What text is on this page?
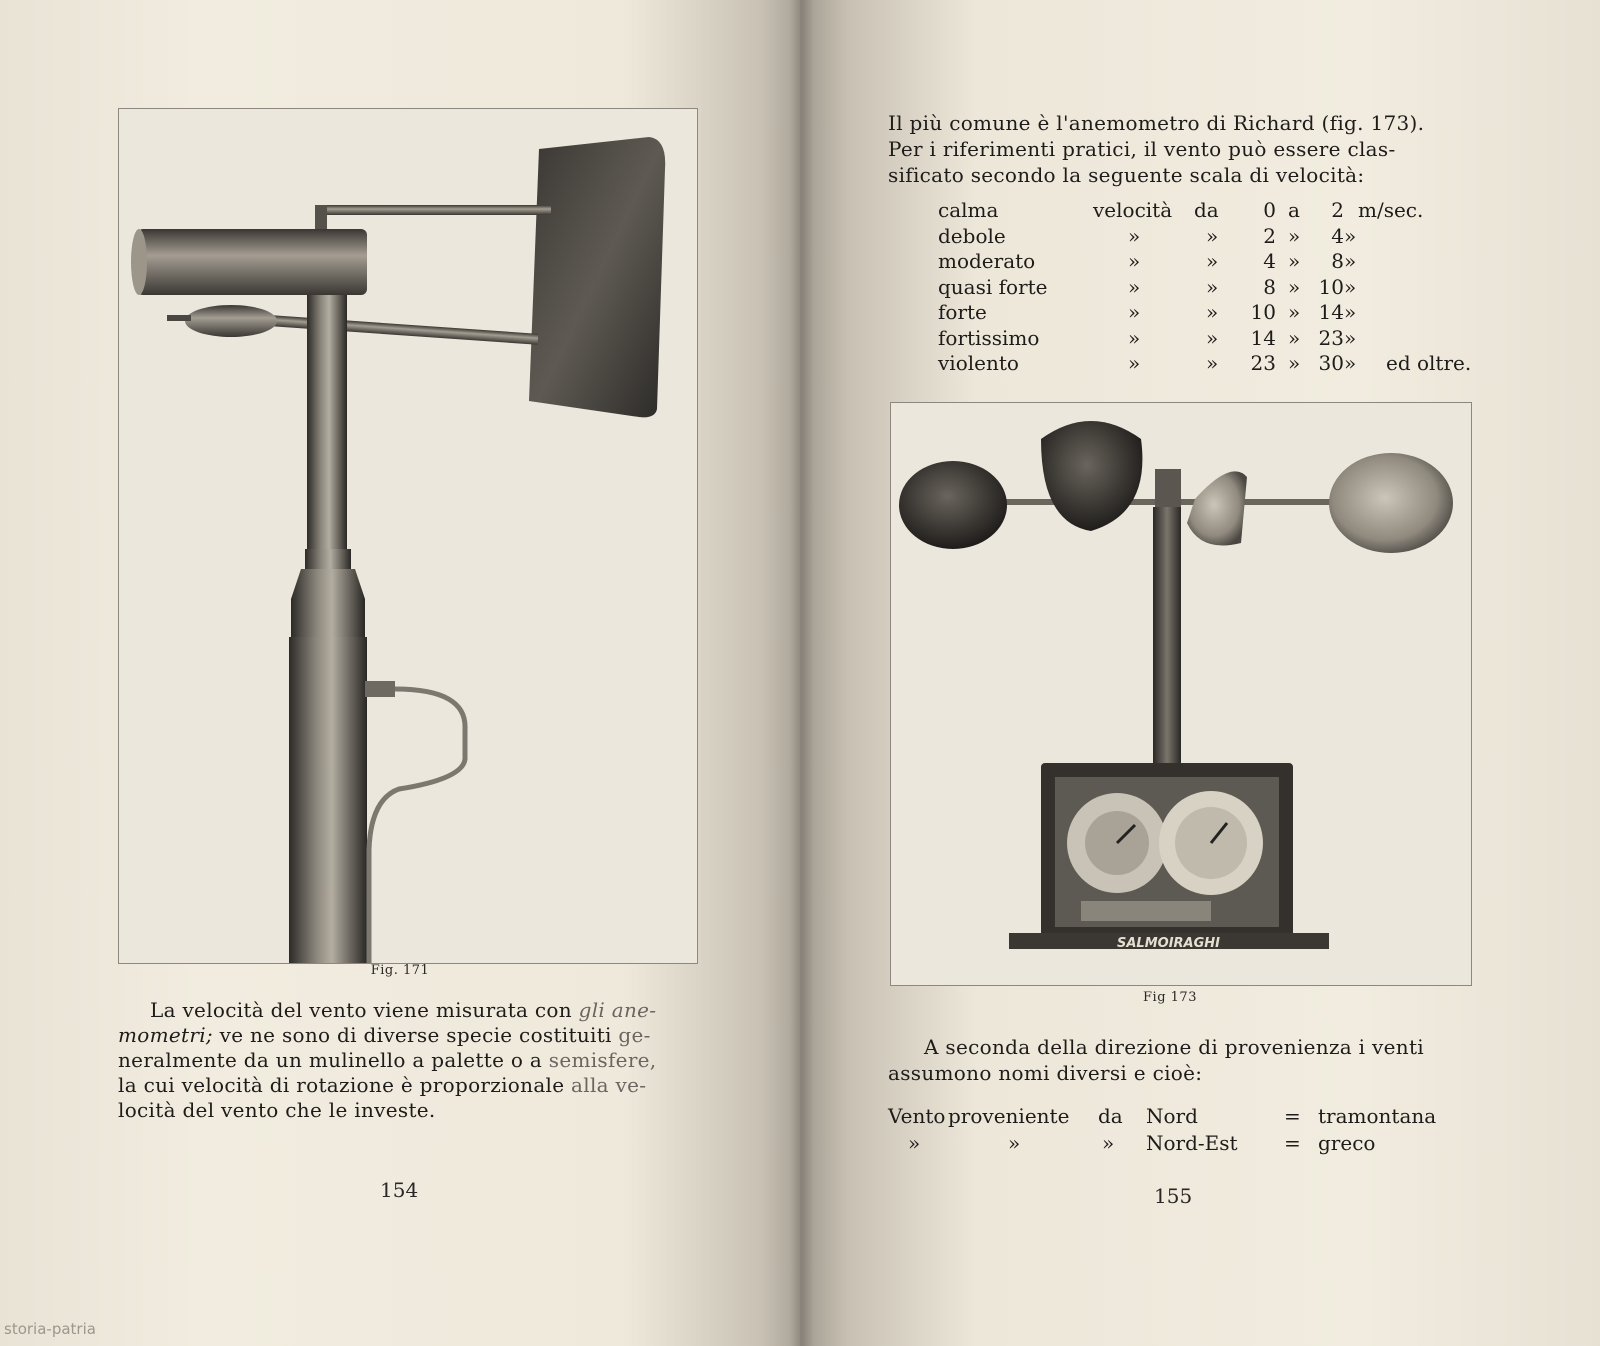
Fig. 171
La velocità del vento viene misurata con gli ane-
mometri; ve ne sono di diverse specie costituiti ge-
neralmente da un mulinello a palette o a semisfere,
la cui velocità di rotazione è proporzionale alla ve-
locità del vento che le investe.
154
Il più comune è l'anemometro di Richard (fig. 173).
Per i riferimenti pratici, il vento può essere clas-
sificato secondo la seguente scala di velocità:
calma	velocità da	0 a	2 m/sec.
debole	»	»	2 »	4 »
moderato	»	»	4 »	8 »
quasi forte	»	»	8 » 10 »
forte	»	»	10 » 14 »
fortissimo	»	»	14 » 23 »
violento	»	»	23 » 30 » ed oltre.
SALMOIRAGHI
Fig 173
A seconda della direzione di provenienza i venti
assumono nomi diversi e cioè:
Vento proveniente da Nord	= tramontana
»	»	» Nord-Est = greco
155
storia-patria
